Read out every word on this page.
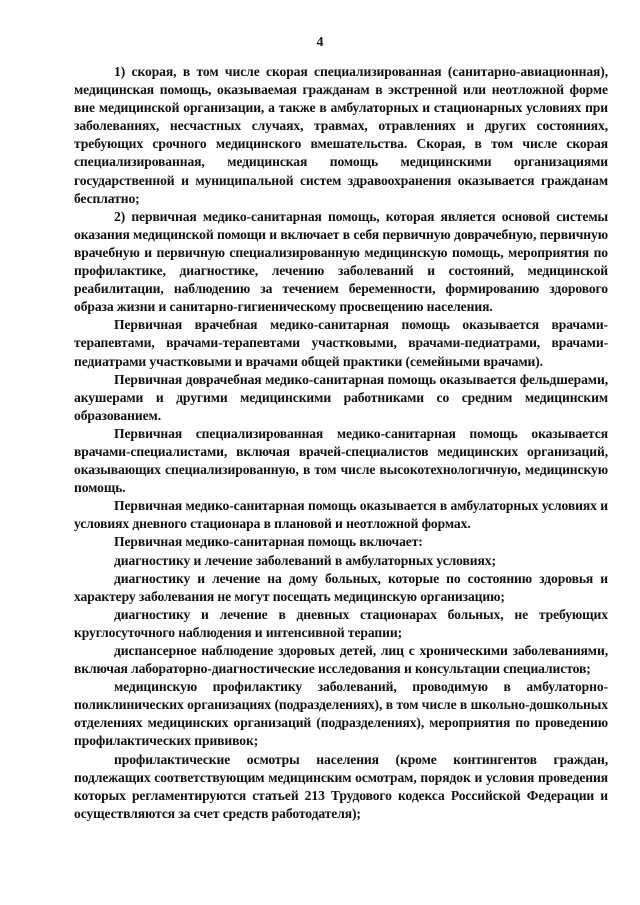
4

1) скорая, в том числе скорая специализированная (санитарно-авиационная), медицинская помощь, оказываемая гражданам в экстренной или неотложной форме вне медицинской организации, а также в амбулаторных и стационарных условиях при заболеваниях, несчастных случаях, травмах, отравлениях и других состояниях, требующих срочного медицинского вмешательства. Скорая, в том числе скорая специализированная, медицинская помощь медицинскими организациями государственной и муниципальной систем здравоохранения оказывается гражданам бесплатно;

2) первичная медико-санитарная помощь, которая является основой системы оказания медицинской помощи и включает в себя первичную доврачебную, первичную врачебную и первичную специализированную медицинскую помощь, мероприятия по профилактике, диагностике, лечению заболеваний и состояний, медицинской реабилитации, наблюдению за течением беременности, формированию здорового образа жизни и санитарно-гигиеническому просвещению населения.

Первичная врачебная медико-санитарная помощь оказывается врачами-терапевтами, врачами-терапевтами участковыми, врачами-педиатрами, врачами-педиатрами участковыми и врачами общей практики (семейными врачами).

Первичная доврачебная медико-санитарная помощь оказывается фельдшерами, акушерами и другими медицинскими работниками со средним медицинским образованием.

Первичная специализированная медико-санитарная помощь оказывается врачами-специалистами, включая врачей-специалистов медицинских организаций, оказывающих специализированную, в том числе высокотехнологичную, медицинскую помощь.

Первичная медико-санитарная помощь оказывается в амбулаторных условиях и условиях дневного стационара в плановой и неотложной формах.

Первичная медико-санитарная помощь включает:

диагностику и лечение заболеваний в амбулаторных условиях;

диагностику и лечение на дому больных, которые по состоянию здоровья и характеру заболевания не могут посещать медицинскую организацию;

диагностику и лечение в дневных стационарах больных, не требующих круглосуточного наблюдения и интенсивной терапии;

диспансерное наблюдение здоровых детей, лиц с хроническими заболеваниями, включая лабораторно-диагностические исследования и консультации специалистов;

медицинскую профилактику заболеваний, проводимую в амбулаторно-поликлинических организациях (подразделениях), в том числе в школьно-дошкольных отделениях медицинских организаций (подразделениях), мероприятия по проведению профилактических прививок;

профилактические осмотры населения (кроме контингентов граждан, подлежащих соответствующим медицинским осмотрам, порядок и условия проведения которых регламентируются статьей 213 Трудового кодекса Российской Федерации и осуществляются за счет средств работодателя);
